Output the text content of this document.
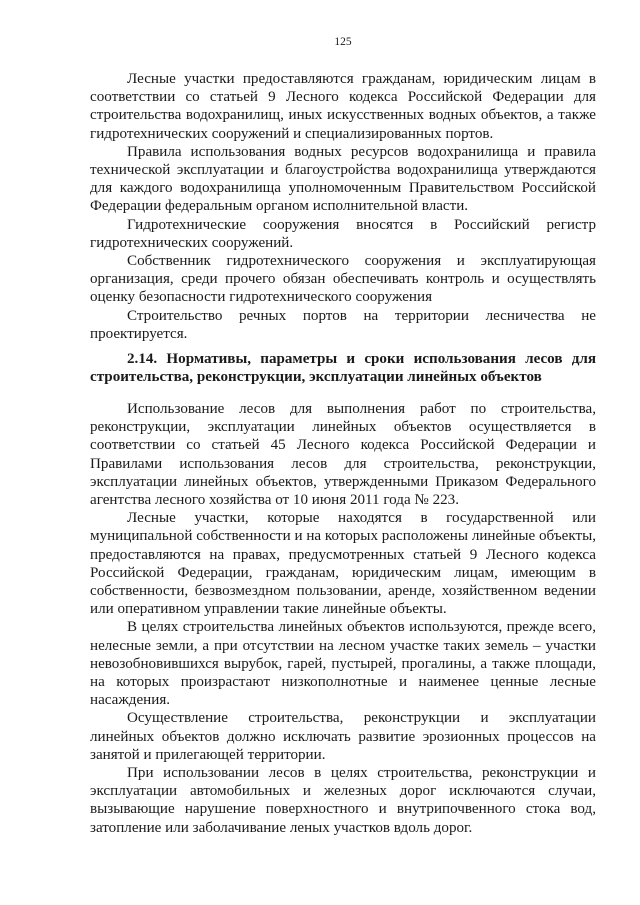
125

Лесные участки предоставляются гражданам, юридическим лицам в соответствии со статьей 9 Лесного кодекса Российской Федерации для строительства водохранилищ, иных искусственных водных объектов, а также гидротехнических сооружений и специализированных портов.

Правила использования водных ресурсов водохранилища и правила технической эксплуатации и благоустройства водохранилища утверждаются для каждого водохранилища уполномоченным Правительством Российской Федерации федеральным органом исполнительной власти.

Гидротехнические сооружения вносятся в Российский регистр гидротехнических сооружений.

Собственник гидротехнического сооружения и эксплуатирующая организация, среди прочего обязан обеспечивать контроль и осуществлять оценку безопасности гидротехнического сооружения

Строительство речных портов на территории лесничества не проектируется.

2.14. Нормативы, параметры и сроки использования лесов для строительства, реконструкции, эксплуатации линейных объектов

Использование лесов для выполнения работ по строительства, реконструкции, эксплуатации линейных объектов осуществляется в соответствии со статьей 45 Лесного кодекса Российской Федерации и Правилами использования лесов для строительства, реконструкции, эксплуатации линейных объектов, утвержденными Приказом Федерального агентства лесного хозяйства от 10 июня 2011 года № 223.

Лесные участки, которые находятся в государственной или муниципальной собственности и на которых расположены линейные объекты, предоставляются на правах, предусмотренных статьей 9 Лесного кодекса Российской Федерации, гражданам, юридическим лицам, имеющим в собственности, безвозмездном пользовании, аренде, хозяйственном ведении или оперативном управлении такие линейные объекты.

В целях строительства линейных объектов используются, прежде всего, нелесные земли, а при отсутствии на лесном участке таких земель – участки невозобновившихся вырубок, гарей, пустырей, прогалины, а также площади, на которых произрастают низкополнотные и наименее ценные лесные насаждения.

Осуществление строительства, реконструкции и эксплуатации линейных объектов должно исключать развитие эрозионных процессов на занятой и прилегающей территории.

При использовании лесов в целях строительства, реконструкции и эксплуатации автомобильных и железных дорог исключаются случаи, вызывающие нарушение поверхностного и внутрипочвенного стока вод, затопление или заболачивание леных участков вдоль дорог.
